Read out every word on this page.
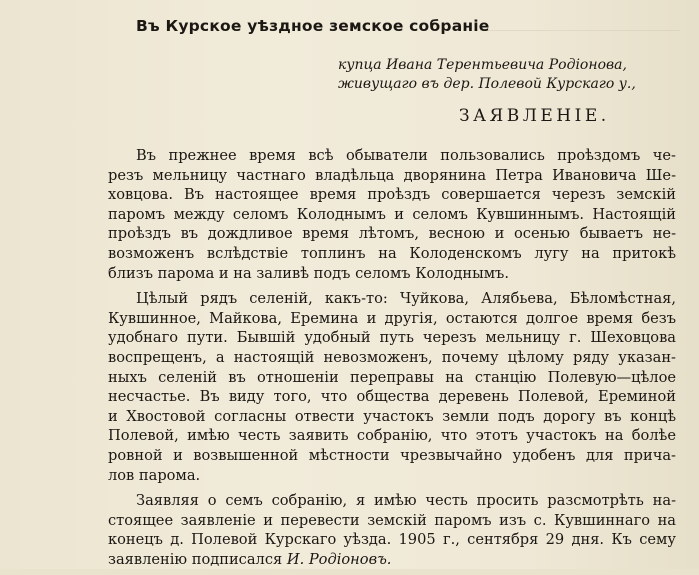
Въ Курское уѣздное земское собраніе
купца Ивана Терентьевича Родіонова,
живущаго въ дер. Полевой Курскаго у.,
ЗАЯВЛЕНІЕ.
Въ прежнее время всѣ обыватели пользовались проѣздомъ че-
резъ мельницу частнаго владѣльца дворянина Петра Ивановича Ше-
ховцова. Въ настоящее время проѣздъ совершается черезъ земскій
паромъ между селомъ Колоднымъ и селомъ Кувшиннымъ. Настоящій
проѣздъ въ дождливое время лѣтомъ, весною и осенью бываетъ не-
возможенъ вслѣдствіе топлинъ на Колоденскомъ лугу на притокѣ
близъ парома и на заливѣ подъ селомъ Колоднымъ.
Цѣлый рядъ селеній, какъ-то: Чуйкова, Алябьева, Бѣломѣстная,
Кувшинное, Майкова, Еремина и другія, остаются долгое время безъ
удобнаго пути. Бывшій удобный путь черезъ мельницу г. Шеховцова
воспрещенъ, а настоящій невозможенъ, почему цѣлому ряду указан-
ныхъ селеній въ отношеніи переправы на станцію Полевую—цѣлое
несчастье. Въ виду того, что общества деревень Полевой, Ереминой
и Хвостовой согласны отвести участокъ земли подъ дорогу въ концѣ
Полевой, имѣю честь заявить собранію, что этотъ участокъ на болѣе
ровной и возвышенной мѣстности чрезвычайно удобенъ для прича-
лов паромa.
Заявляя о семъ собранію, я имѣю честь просить разсмотрѣть на-
стоящее заявленіе и перевести земскій паромъ изъ с. Кувшиннаго на
конецъ д. Полевой Курскаго уѣзда. 1905 г., сентября 29 дня. Къ сему
заявленію подписался И. Родіоновъ.
